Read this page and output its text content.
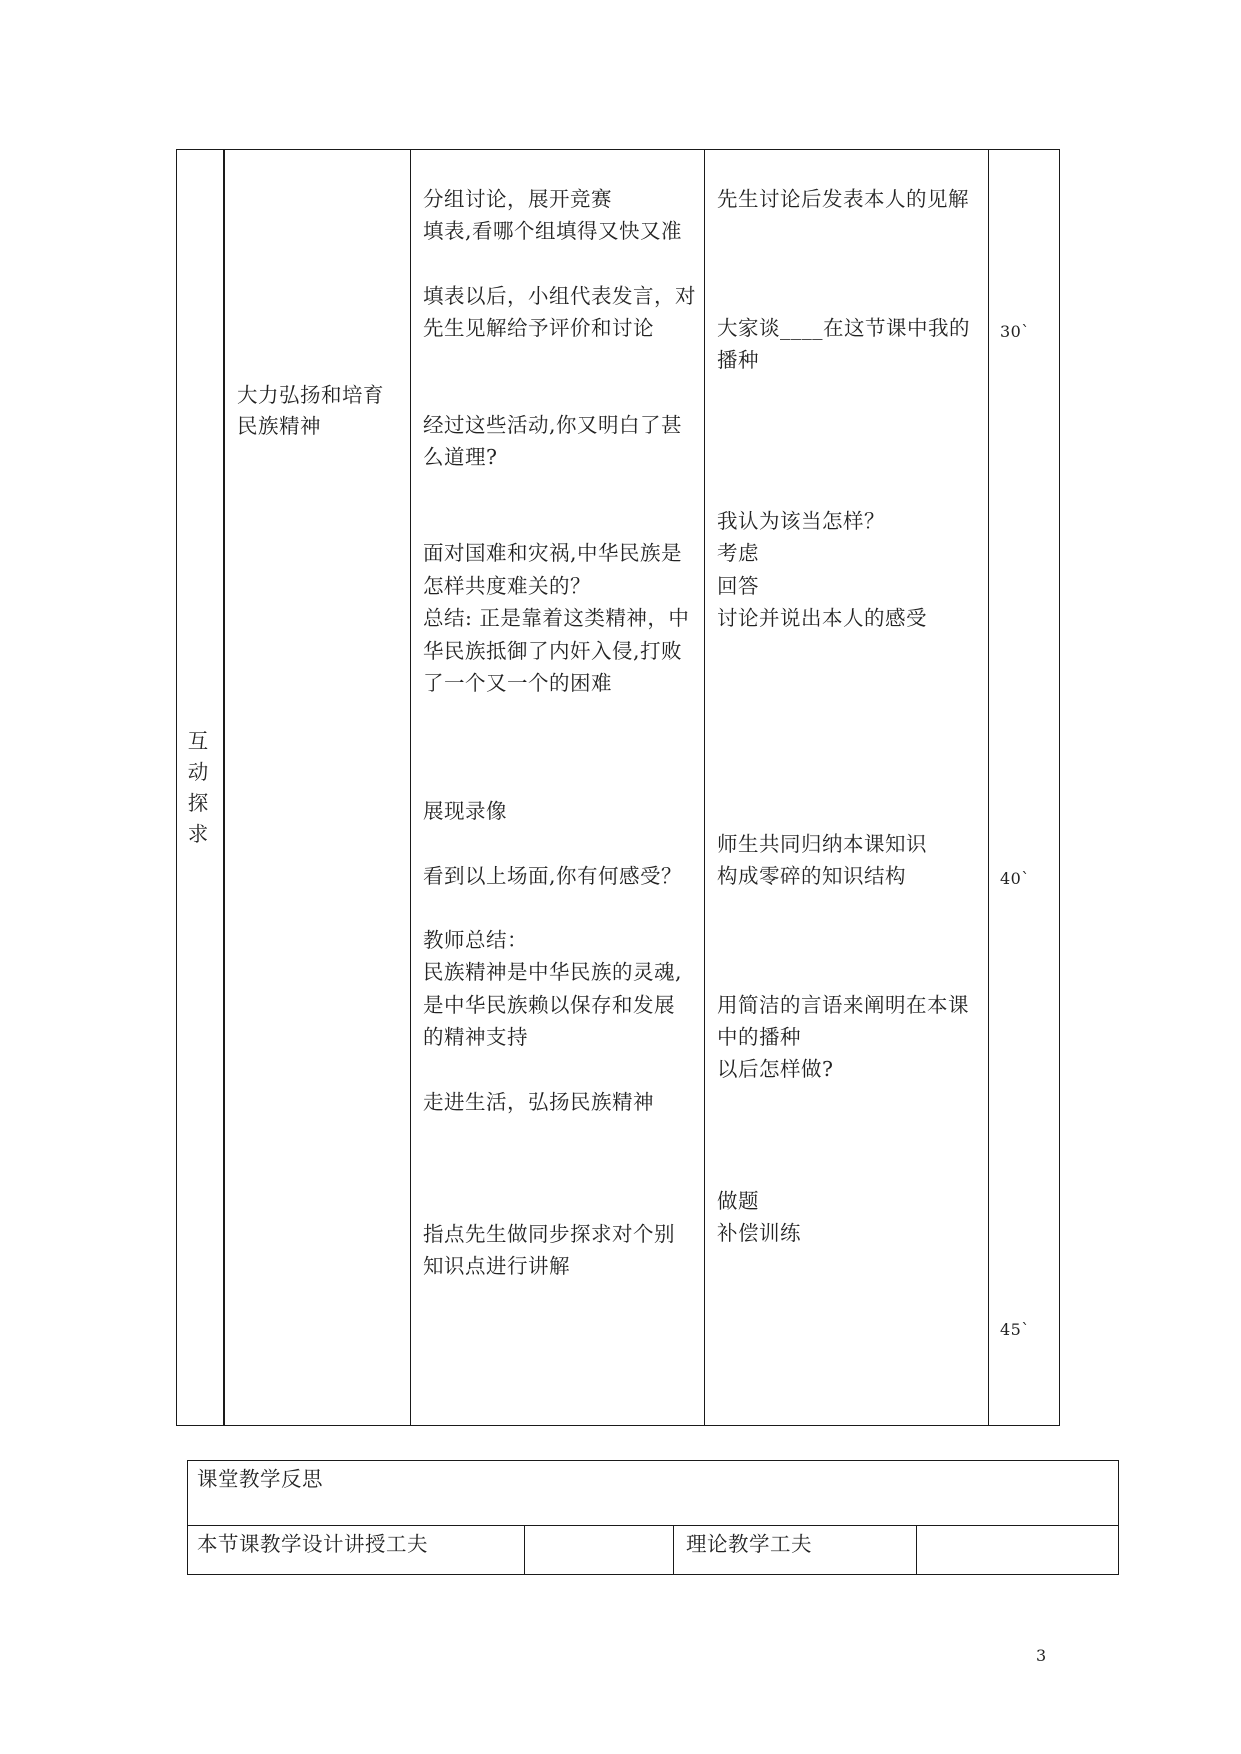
互动探求
大力弘扬和培育
民族精神
分组讨论，展开竞赛
填表,看哪个组填得又快又准
填表以后，小组代表发言，对
先生见解给予评价和讨论
经过这些活动,你又明白了甚
么道理?
面对国难和灾祸,中华民族是
怎样共度难关的？
总结: 正是靠着这类精神，中
华民族抵御了内奸入侵,打败
了一个又一个的困难
展现录像
看到以上场面,你有何感受？
教师总结：
民族精神是中华民族的灵魂,
是中华民族赖以保存和发展
的精神支持
走进生活，弘扬民族精神
指点先生做同步探求对个别
知识点进行讲解
先生讨论后发表本人的见解
大家谈____在这节课中我的
播种
我认为该当怎样？
考虑
回答
讨论并说出本人的感受
师生共同归纳本课知识
构成零碎的知识结构
用简洁的言语来阐明在本课
中的播种
以后怎样做?
做题
补偿训练
30`
40`
45`
课堂教学反思
本节课教学设计讲授工夫	理论教学工夫
3
